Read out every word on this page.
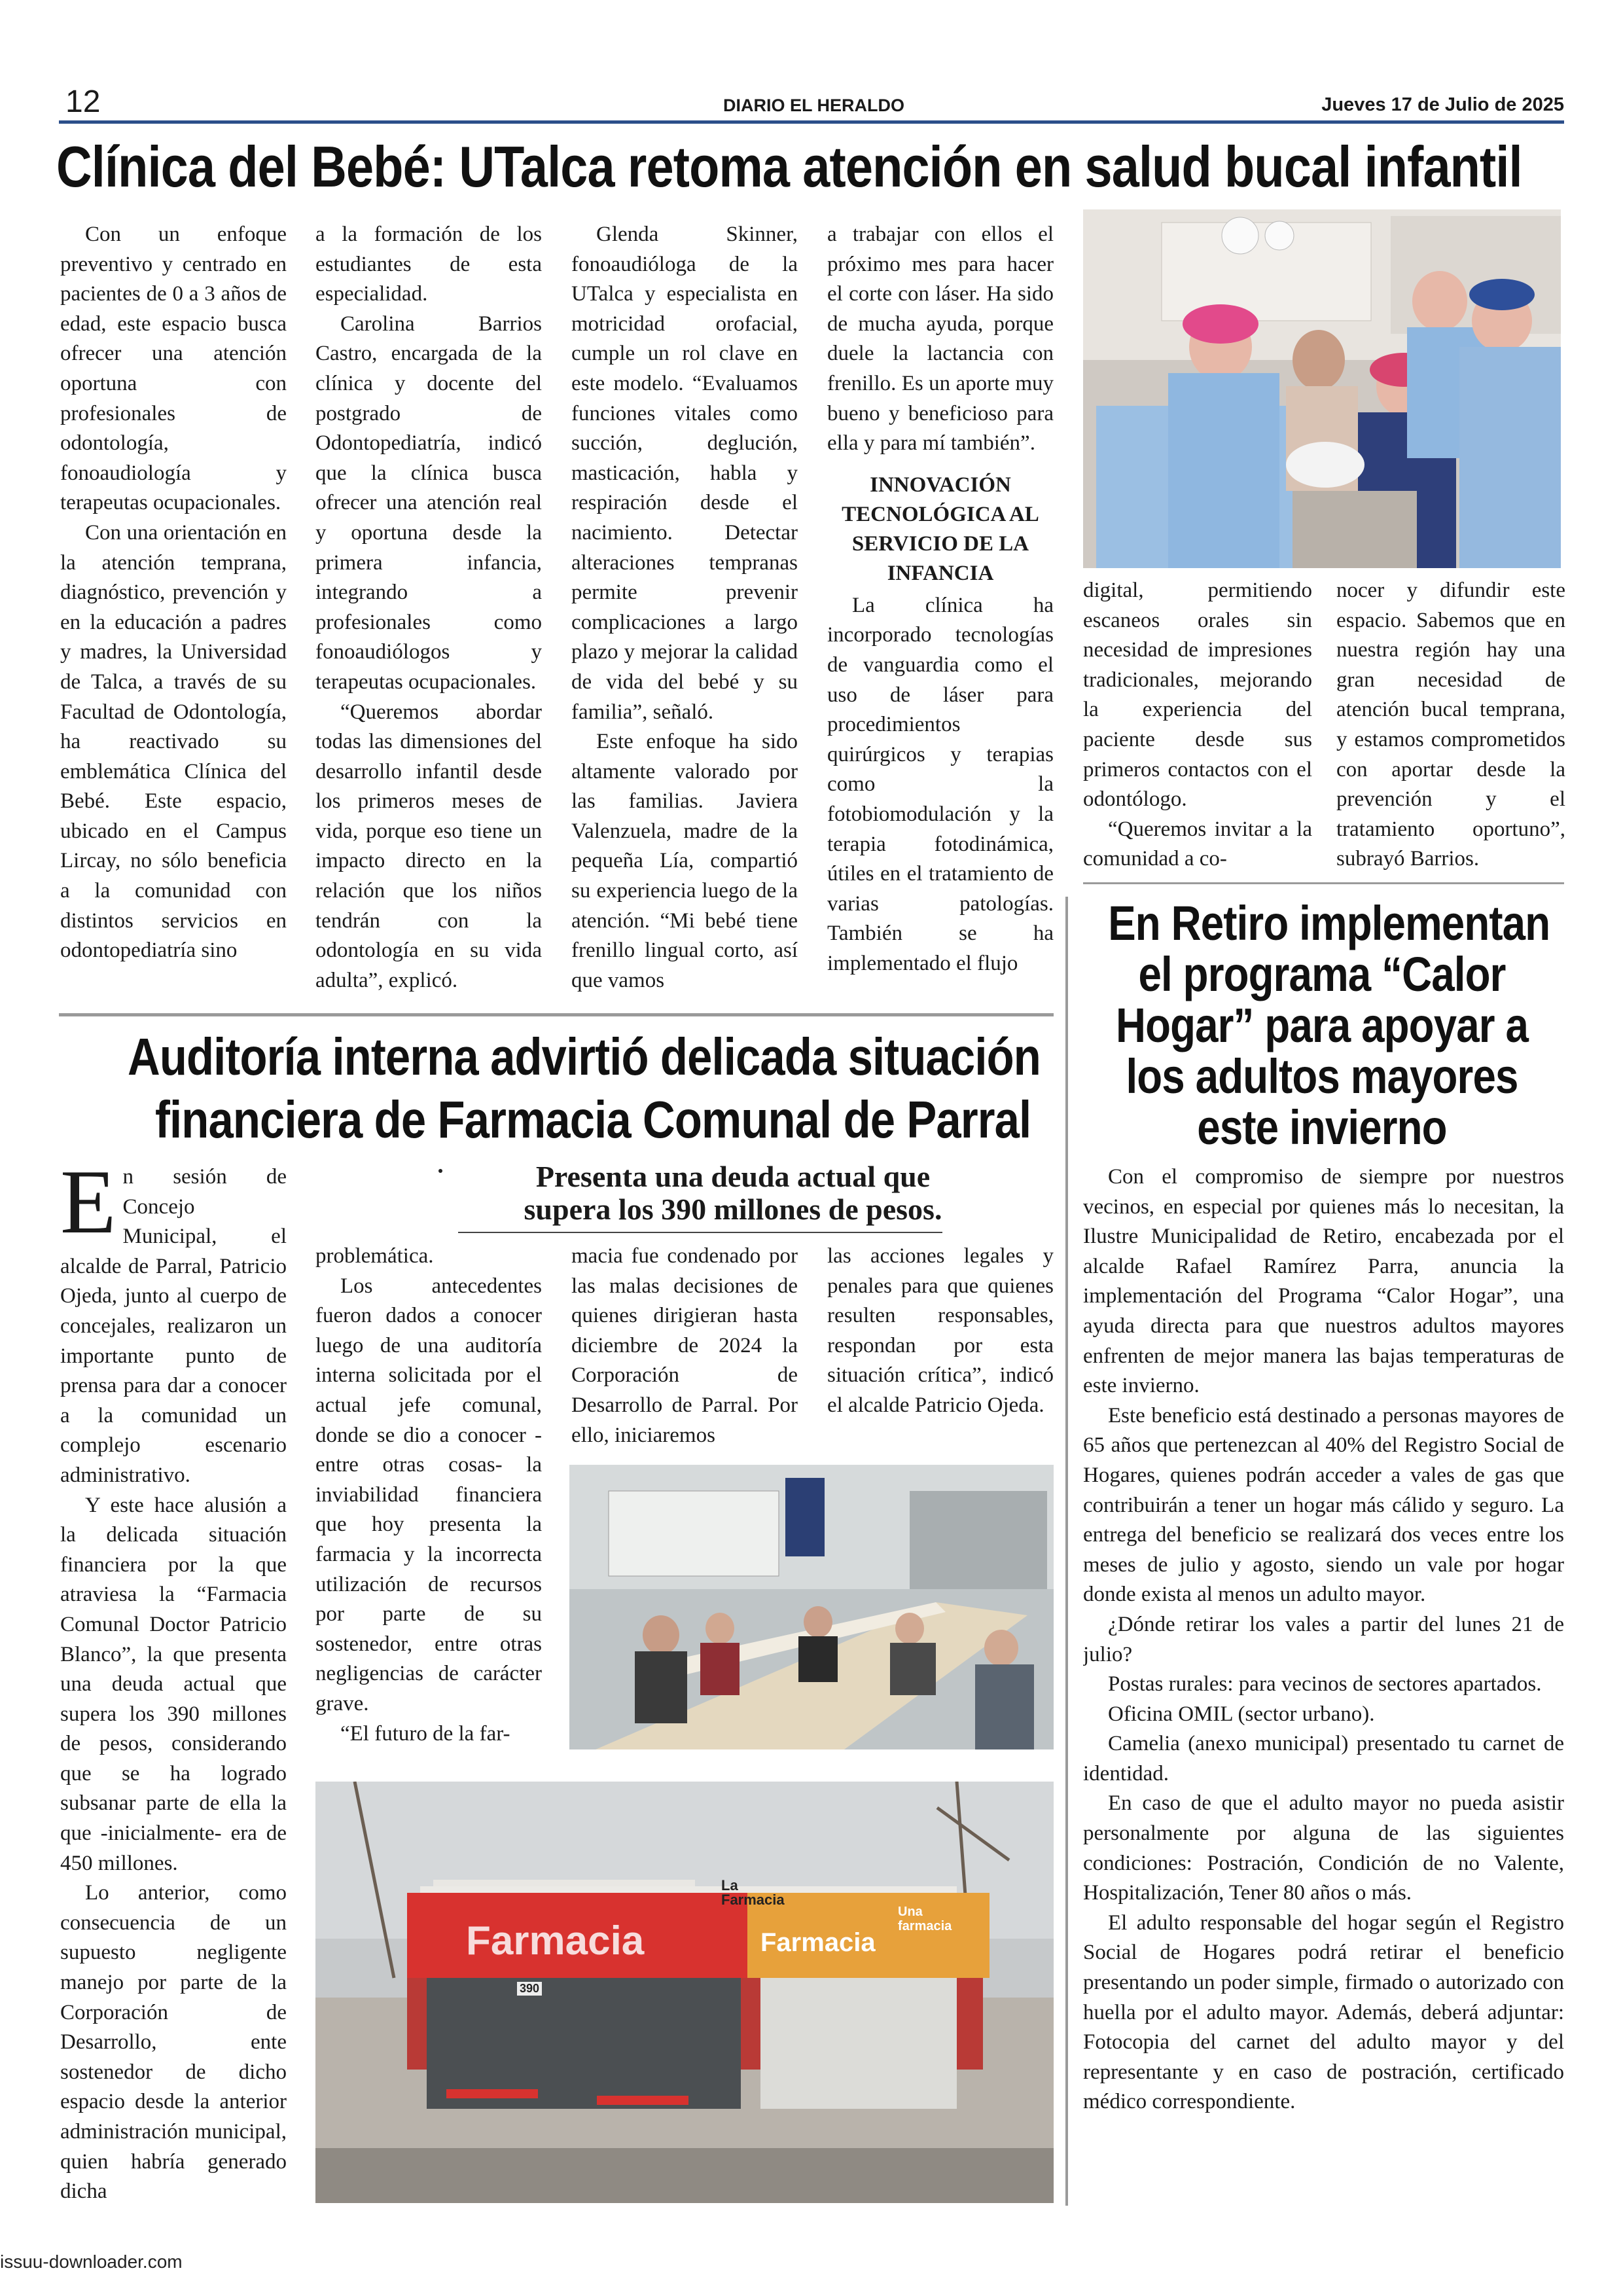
12	DIARIO EL HERALDO	Jueves 17 de Julio de 2025
Clínica del Bebé: UTalca retoma atención en salud bucal infantil

Con un enfoque preventivo y centrado en pacientes de 0 a 3 años de edad, este espacio busca ofrecer una atención oportuna con profesionales de odontología, fonoaudiología y terapeutas ocupacionales.

Con una orientación en la atención temprana, diagnóstico, prevención y en la educación a padres y madres, la Universidad de Talca, a través de su Facultad de Odontología, ha reactivado su emblemática Clínica del Bebé. Este espacio, ubicado en el Campus Lircay, no sólo beneficia a la comunidad con distintos servicios en odontopediatría sino

a la formación de los estudiantes de esta especialidad.

Carolina Barrios Castro, encargada de la clínica y docente del postgrado de Odontopediatría, indicó que la clínica busca ofrecer una atención real y oportuna desde la primera infancia, integrando a profesionales como fonoaudiólogos y terapeutas ocupacionales.

“Queremos abordar todas las dimensiones del desarrollo infantil desde los primeros meses de vida, porque eso tiene un impacto directo en la relación que los niños tendrán con la odontología en su vida adulta”, explicó.

Glenda Skinner, fonoaudióloga de la UTalca y especialista en motricidad orofacial, cumple un rol clave en este modelo. “Evaluamos funciones vitales como succión, deglución, masticación, habla y respiración desde el nacimiento. Detectar alteraciones tempranas permite prevenir complicaciones a largo plazo y mejorar la calidad de vida del bebé y su familia”, señaló.

Este enfoque ha sido altamente valorado por las familias. Javiera Valenzuela, madre de la pequeña Lía, compartió su experiencia luego de la atención. “Mi bebé tiene frenillo lingual corto, así que vamos

a trabajar con ellos el próximo mes para hacer el corte con láser. Ha sido de mucha ayuda, porque duele la lactancia con frenillo. Es un aporte muy bueno y beneficioso para ella y para mí también”.

INNOVACIÓN TECNOLÓGICA AL SERVICIO DE LA INFANCIA

La clínica ha incorporado tecnologías de vanguardia como el uso de láser para procedimientos quirúrgicos y terapias como la fotobiomodulación y la terapia fotodinámica, útiles en el tratamiento de varias patologías. También se ha implementado el flujo

digital, permitiendo escaneos orales sin necesidad de impresiones tradicionales, mejorando la experiencia del paciente desde sus primeros contactos con el odontólogo.

“Queremos invitar a la comunidad a co-

nocer y difundir este espacio. Sabemos que en nuestra región hay una gran necesidad de atención bucal temprana, y estamos comprometidos con aportar desde la prevención y el tratamiento oportuno”, subrayó Barrios.

Auditoría interna advirtió delicada situación
financiera de Farmacia Comunal de Parral
Presenta una deuda actual que
supera los 390 millones de pesos.
E n sesión de Concejo Municipal, el alcalde de Parral, Patricio Ojeda, junto al cuerpo de concejales, realizaron un importante punto de prensa para dar a conocer a la comunidad un complejo escenario administrativo.

Y este hace alusión a la delicada situación financiera por la que atraviesa la “Farmacia Comunal Doctor Patricio Blanco”, la que presenta una deuda actual que supera los 390 millones de pesos, considerando que se ha logrado subsanar parte de ella la que -inicialmente- era de 450 millones.

Lo anterior, como consecuencia de un supuesto negligente manejo por parte de la Corporación de Desarrollo, ente sostenedor de dicho espacio desde la anterior administración municipal, quien habría generado dicha

problemática.

Los antecedentes fueron dados a conocer luego de una auditoría interna solicitada por el actual jefe comunal, donde se dio a conocer -entre otras cosas- la inviabilidad financiera que hoy presenta la farmacia y la incorrecta utilización de recursos por parte de su sostenedor, entre otras negligencias de carácter grave.

“El futuro de la far-

macia fue condenado por las malas decisiones de quienes dirigieran hasta diciembre de 2024 la Corporación de Desarrollo de Parral. Por ello, iniciaremos

las acciones legales y penales para que quienes resulten responsables, respondan por esta situación crítica”, indicó el alcalde Patricio Ojeda.

Farmacia	Farmacia
La Farmacia
Una farmacia
390
En Retiro implementan
el programa “Calor
Hogar” para apoyar a
los adultos mayores
este invierno

Con el compromiso de siempre por nuestros vecinos, en especial por quienes más lo necesitan, la Ilustre Municipalidad de Retiro, encabezada por el alcalde Rafael Ramírez Parra, anuncia la implementación del Programa “Calor Hogar”, una ayuda directa para que nuestros adultos mayores enfrenten de mejor manera las bajas temperaturas de este invierno.

Este beneficio está destinado a personas mayores de 65 años que pertenezcan al 40% del Registro Social de Hogares, quienes podrán acceder a vales de gas que contribuirán a tener un hogar más cálido y seguro. La entrega del beneficio se realizará dos veces entre los meses de julio y agosto, siendo un vale por hogar donde exista al menos un adulto mayor.

¿Dónde retirar los vales a partir del lunes 21 de julio?

Postas rurales: para vecinos de sectores apartados.

Oficina OMIL (sector urbano).

Camelia (anexo municipal) presentado tu carnet de identidad.

En caso de que el adulto mayor no pueda asistir personalmente por alguna de las siguientes condiciones: Postración, Condición de no Valente, Hospitalización, Tener 80 años o más.

El adulto responsable del hogar según el Registro Social de Hogares podrá retirar el beneficio presentando un poder simple, firmado o autorizado con huella por el adulto mayor. Además, deberá adjuntar: Fotocopia del carnet del adulto mayor y del representante y en caso de postración, certificado médico correspondiente.

issuu-downloader.com
